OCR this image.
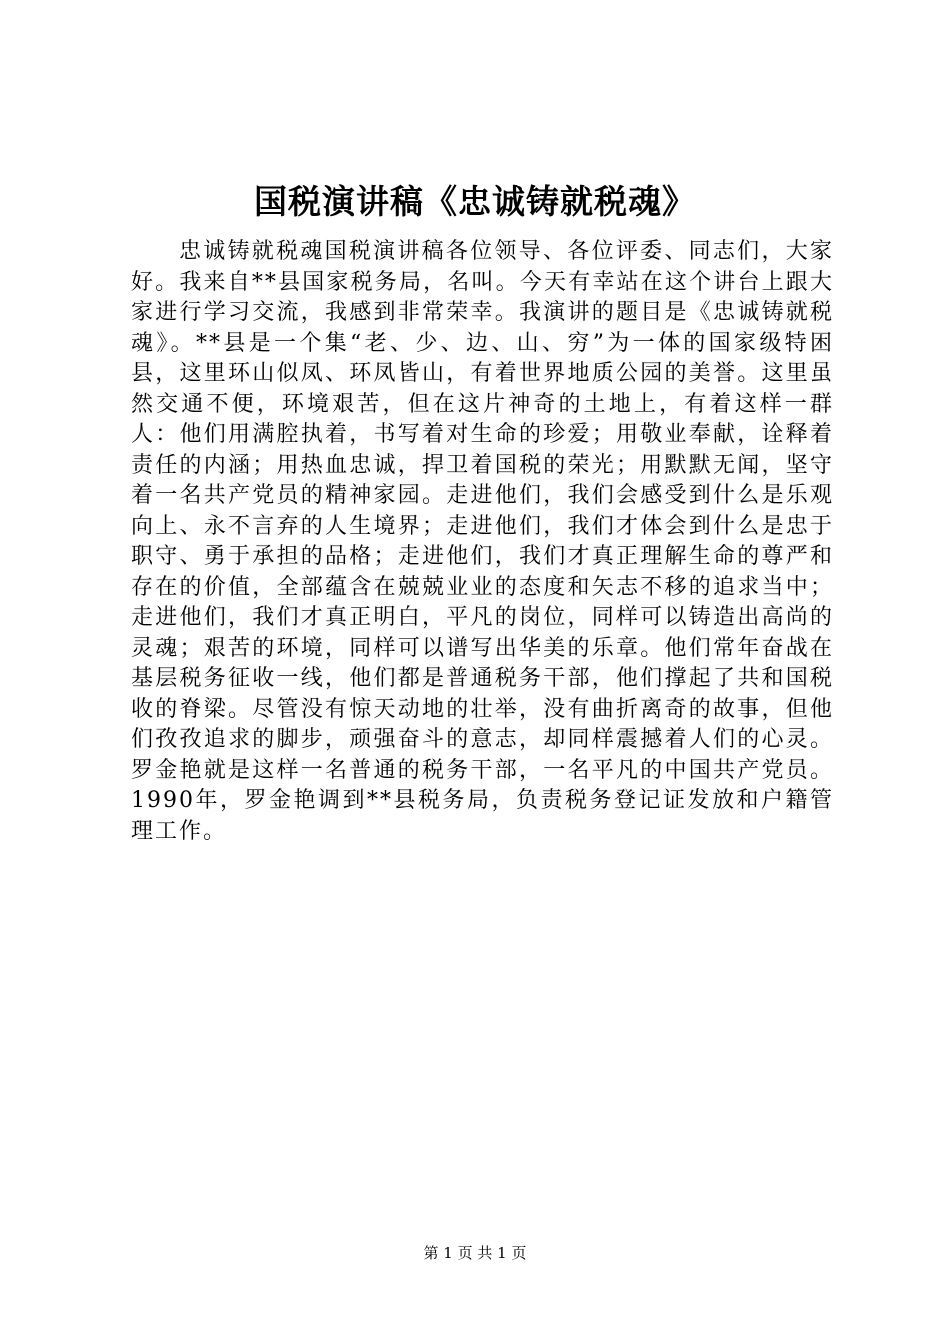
国税演讲稿《忠诚铸就税魂》

忠诚铸就税魂国税演讲稿各位领导、各位评委、同志们，大家好。我来自**县国家税务局，名叫。今天有幸站在这个讲台上跟大家进行学习交流，我感到非常荣幸。我演讲的题目是《忠诚铸就税魂》。**县是一个集“老、少、边、山、穷”为一体的国家级特困县，这里环山似凤、环凤皆山，有着世界地质公园的美誉。这里虽然交通不便，环境艰苦，但在这片神奇的土地上，有着这样一群人：他们用满腔执着，书写着对生命的珍爱；用敬业奉献，诠释着责任的内涵；用热血忠诚，捍卫着国税的荣光；用默默无闻，坚守着一名共产党员的精神家园。走进他们，我们会感受到什么是乐观向上、永不言弃的人生境界；走进他们，我们才体会到什么是忠于职守、勇于承担的品格；走进他们，我们才真正理解生命的尊严和存在的价值，全部蕴含在兢兢业业的态度和矢志不移的追求当中；走进他们，我们才真正明白，平凡的岗位，同样可以铸造出高尚的灵魂；艰苦的环境，同样可以谱写出华美的乐章。他们常年奋战在基层税务征收一线，他们都是普通税务干部，他们撑起了共和国税收的脊梁。尽管没有惊天动地的壮举，没有曲折离奇的故事，但他们孜孜追求的脚步，顽强奋斗的意志，却同样震撼着人们的心灵。罗金艳就是这样一名普通的税务干部，一名平凡的中国共产党员。1990年，罗金艳调到**县税务局，负责税务登记证发放和户籍管理工作。

第 1 页 共 1 页
